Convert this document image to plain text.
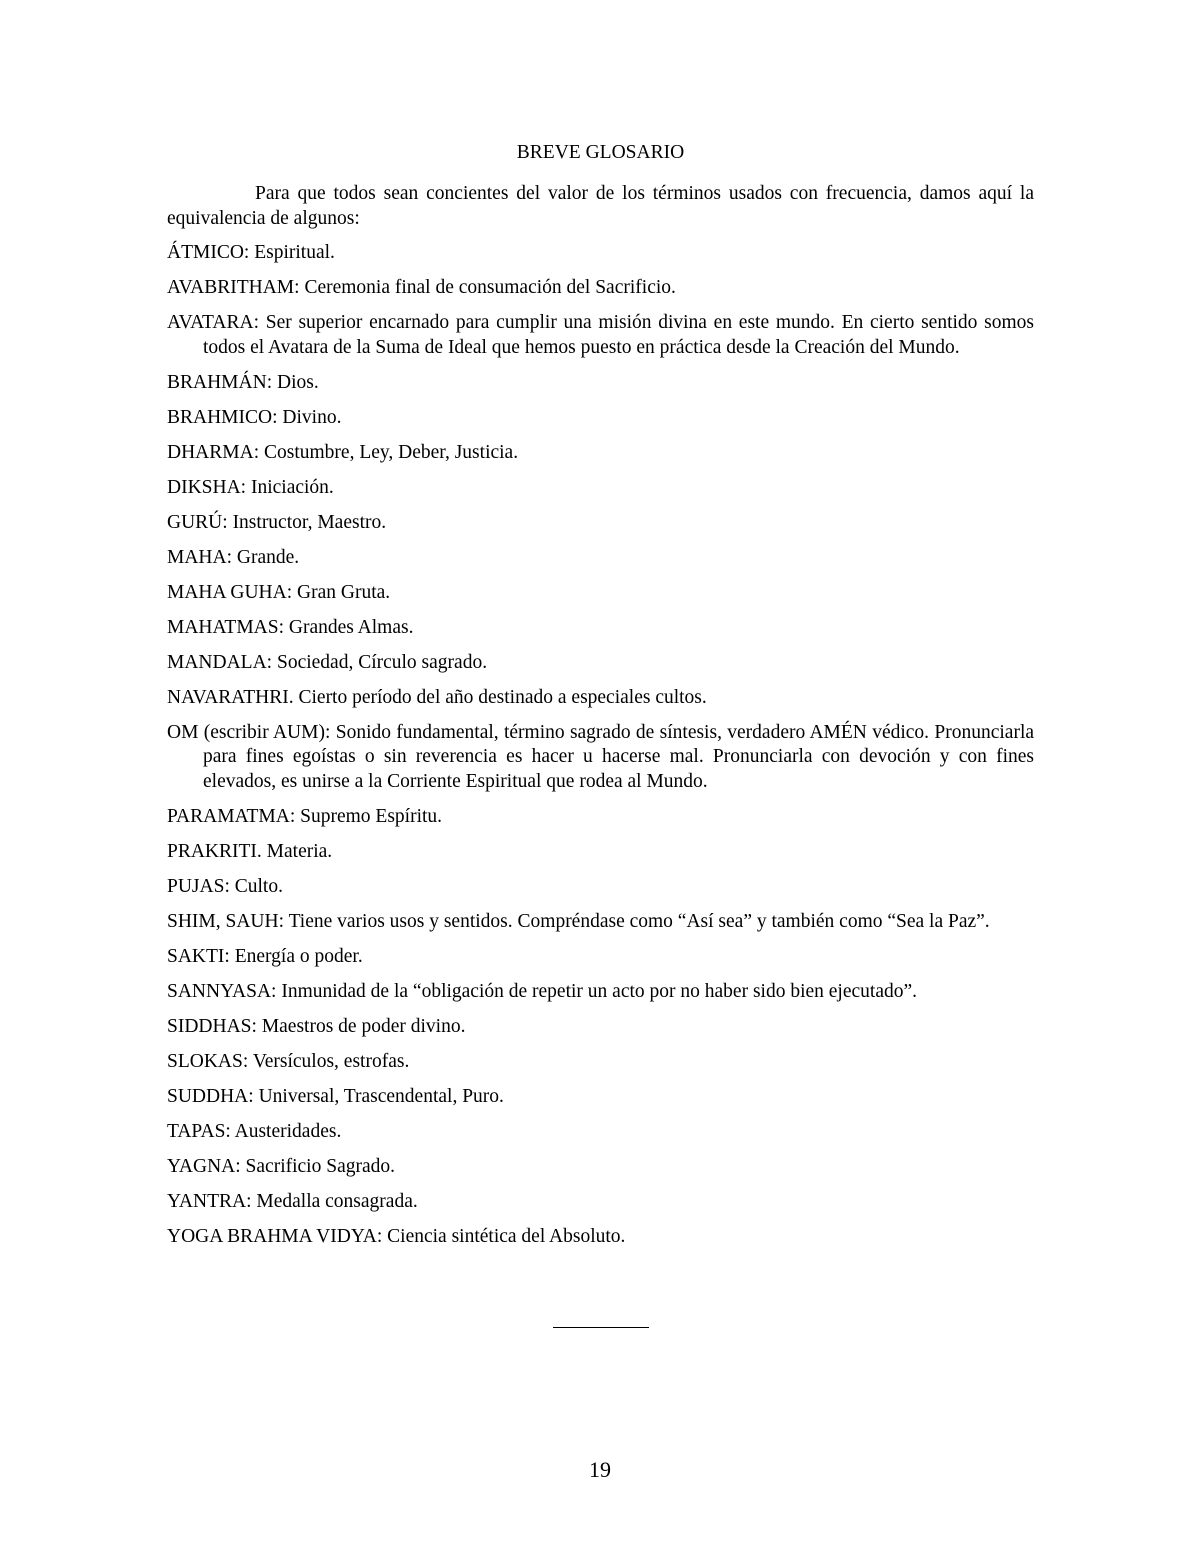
BREVE GLOSARIO

Para que todos sean concientes del valor de los términos usados con frecuencia, damos aquí la equivalencia de algunos:

ÁTMICO: Espiritual.

AVABRITHAM: Ceremonia final de consumación del Sacrificio.

AVATARA: Ser superior encarnado para cumplir una misión divina en este mundo. En cierto sentido somos todos el Avatara de la Suma de Ideal que hemos puesto en práctica desde la Creación del Mundo.

BRAHMÁN: Dios.

BRAHMICO: Divino.

DHARMA: Costumbre, Ley, Deber, Justicia.

DIKSHA: Iniciación.

GURÚ: Instructor, Maestro.

MAHA: Grande.

MAHA GUHA: Gran Gruta.

MAHATMAS: Grandes Almas.

MANDALA: Sociedad, Círculo sagrado.

NAVARATHRI. Cierto período del año destinado a especiales cultos.

OM (escribir AUM): Sonido fundamental, término sagrado de síntesis, verdadero AMÉN védico. Pronunciarla para fines egoístas o sin reverencia es hacer u hacerse mal. Pronunciarla con devoción y con fines elevados, es unirse a la Corriente Espiritual que rodea al Mundo.

PARAMATMA: Supremo Espíritu.

PRAKRITI. Materia.

PUJAS: Culto.

SHIM, SAUH: Tiene varios usos y sentidos. Compréndase como “Así sea” y también como “Sea la Paz”.

SAKTI: Energía o poder.

SANNYASA: Inmunidad de la “obligación de repetir un acto por no haber sido bien ejecutado”.

SIDDHAS: Maestros de poder divino.

SLOKAS: Versículos, estrofas.

SUDDHA: Universal, Trascendental, Puro.

TAPAS: Austeridades.

YAGNA: Sacrificio Sagrado.

YANTRA: Medalla consagrada.

YOGA BRAHMA VIDYA: Ciencia sintética del Absoluto.

19
